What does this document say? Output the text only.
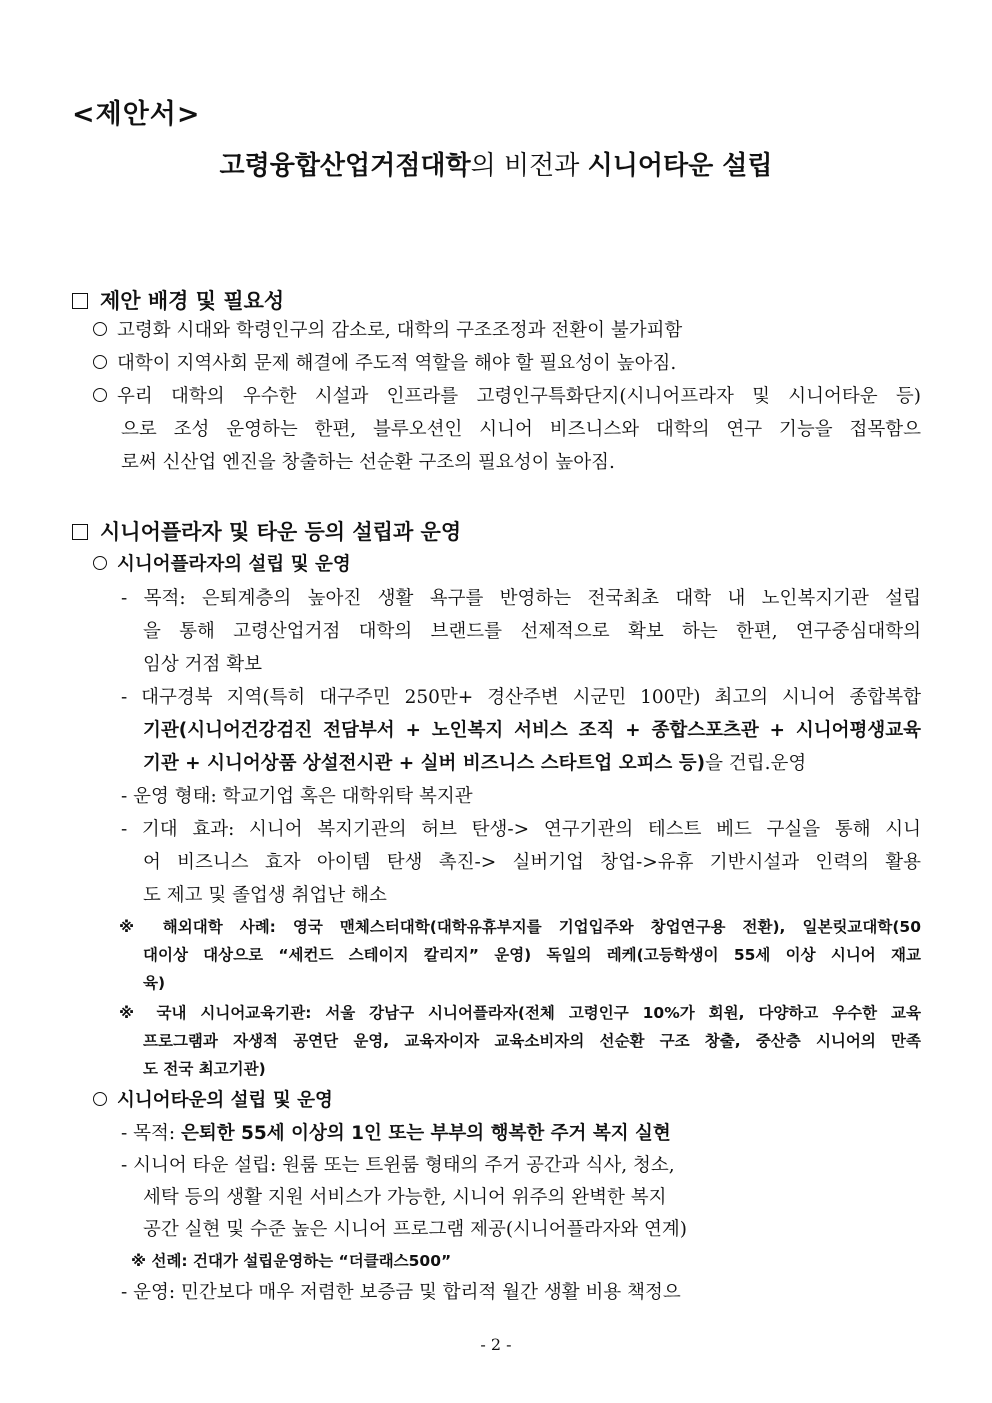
<제안서>
고령융합산업거점대학의 비전과 시니어타운 설립
제안 배경 및 필요성
고령화 시대와 학령인구의 감소로, 대학의 구조조정과 전환이 불가피함
대학이 지역사회 문제 해결에 주도적 역할을 해야 할 필요성이 높아짐.
우리 대학의 우수한 시설과 인프라를 고령인구특화단지(시니어프라자 및 시니어타운 등)
으로 조성 운영하는 한편, 블루오션인 시니어 비즈니스와 대학의 연구 기능을 접목함으
로써 신산업 엔진을 창출하는 선순환 구조의 필요성이 높아짐.
시니어플라자 및 타운 등의 설립과 운영
시니어플라자의 설립 및 운영
- 목적: 은퇴계층의 높아진 생활 욕구를 반영하는 전국최초 대학 내 노인복지기관 설립
을 통해 고령산업거점 대학의 브랜드를 선제적으로 확보 하는 한편, 연구중심대학의
임상 거점 확보
- 대구경북 지역(특히 대구주민 250만+ 경산주변 시군민 100만) 최고의 시니어 종합복합
기관(시니어건강검진 전담부서 + 노인복지 서비스 조직 + 종합스포츠관 + 시니어평생교육
기관 + 시니어상품 상설전시관 + 실버 비즈니스 스타트업 오피스 등)을 건립.운영
- 운영 형태: 학교기업 혹은 대학위탁 복지관
- 기대 효과: 시니어 복지기관의 허브 탄생-> 연구기관의 테스트 베드 구실을 통해 시니
어 비즈니스 효자 아이템 탄생 촉진-> 실버기업 창업->유휴 기반시설과 인력의 활용
도 제고 및 졸업생 취업난 해소
※ 해외대학 사례: 영국 맨체스터대학(대학유휴부지를 기업입주와 창업연구용 전환), 일본릿교대학(50
대이상 대상으로 “세컨드 스테이지 칼리지” 운영) 독일의 레케(고등학생이 55세 이상 시니어 재교
육)
※ 국내 시니어교육기관: 서울 강남구 시니어플라자(전체 고령인구 10%가 회원, 다양하고 우수한 교육
프로그램과 자생적 공연단 운영, 교육자이자 교육소비자의 선순환 구조 창출, 중산층 시니어의 만족
도 전국 최고기관)
시니어타운의 설립 및 운영
- 목적: 은퇴한 55세 이상의 1인 또는 부부의 행복한 주거 복지 실현
- 시니어 타운 설립: 원룸 또는 트윈룸 형태의 주거 공간과 식사, 청소,
세탁 등의 생활 지원 서비스가 가능한, 시니어 위주의 완벽한 복지
공간 실현 및 수준 높은 시니어 프로그램 제공(시니어플라자와 연계)
※ 선례: 건대가 설립운영하는 “더클래스500”
- 운영: 민간보다 매우 저렴한 보증금 및 합리적 월간 생활 비용 책정으
- 2 -
